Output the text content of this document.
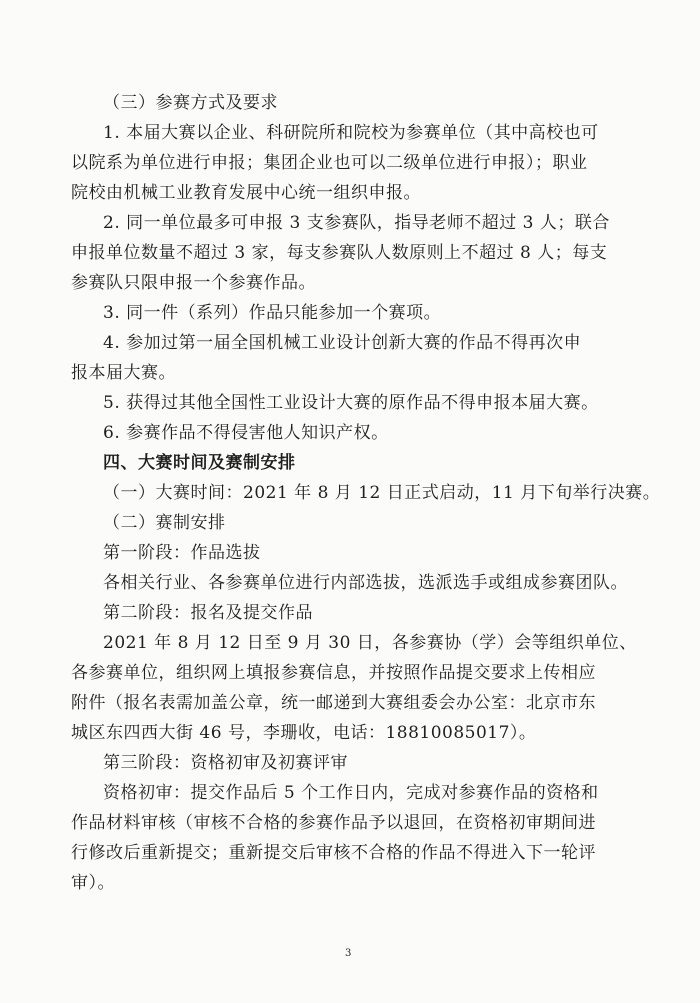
（三）参赛方式及要求
1. 本届大赛以企业、科研院所和院校为参赛单位（其中高校也可
以院系为单位进行申报；集团企业也可以二级单位进行申报）；职业
院校由机械工业教育发展中心统一组织申报。
2. 同一单位最多可申报 3 支参赛队，指导老师不超过 3 人；联合
申报单位数量不超过 3 家，每支参赛队人数原则上不超过 8 人；每支
参赛队只限申报一个参赛作品。
3. 同一件（系列）作品只能参加一个赛项。
4. 参加过第一届全国机械工业设计创新大赛的作品不得再次申
报本届大赛。
5. 获得过其他全国性工业设计大赛的原作品不得申报本届大赛。
6. 参赛作品不得侵害他人知识产权。
四、大赛时间及赛制安排
（一）大赛时间：2021 年 8 月 12 日正式启动，11 月下旬举行决赛。
（二）赛制安排
第一阶段：作品选拔
各相关行业、各参赛单位进行内部选拔，选派选手或组成参赛团队。
第二阶段：报名及提交作品
2021 年 8 月 12 日至 9 月 30 日，各参赛协（学）会等组织单位、
各参赛单位，组织网上填报参赛信息，并按照作品提交要求上传相应
附件（报名表需加盖公章，统一邮递到大赛组委会办公室：北京市东
城区东四西大街 46 号，李珊收，电话：18810085017）。
第三阶段：资格初审及初赛评审
资格初审：提交作品后 5 个工作日内，完成对参赛作品的资格和
作品材料审核（审核不合格的参赛作品予以退回，在资格初审期间进
行修改后重新提交；重新提交后审核不合格的作品不得进入下一轮评
审）。
3
